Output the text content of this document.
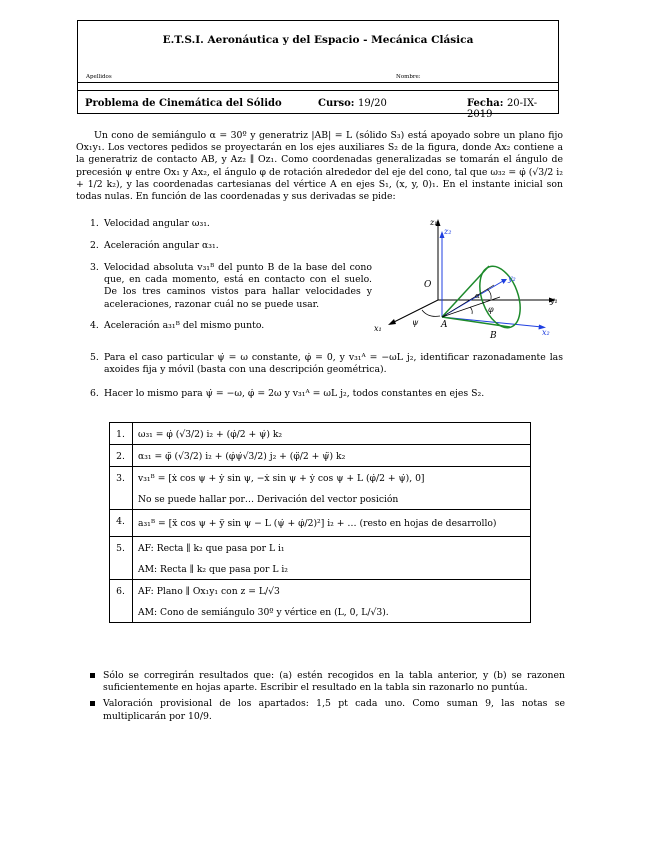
E.T.S.I. Aeronáutica y del Espacio - Mecánica Clásica
Apellidos	Nombre:
Problema de Cinemática del Sólido	Curso: 19/20	Fecha: 20-IX-2019

Un cono de semiángulo α = 30º y generatriz |AB| = L (sólido S₃) está apoyado sobre un plano fijo Ox₁y₁. Los vectores pedidos se proyectarán en los ejes auxiliares S₂ de la figura, donde Ax₂ contiene a la generatriz de contacto AB, y Az₂ ∥ Oz₁. Como coordenadas generalizadas se tomarán el ángulo de precesión ψ entre Ox₁ y Ax₂, el ángulo φ de rotación alrededor del eje del cono, tal que ω₃₂ = φ̇ (√3/2 i₂ + 1/2 k₂), y las coordenadas cartesianas del vértice A en ejes S₁, (x, y, 0)₁. En el instante inicial son todas nulas. En función de las coordenadas y sus derivadas se pide:

1. Velocidad angular ω₃₁.
2. Aceleración angular α₃₁.
3. Velocidad absoluta v₃₁ᴮ del punto B de la base del cono que, en cada momento, está en contacto con el suelo. De los tres caminos vistos para hallar velocidades y aceleraciones, razonar cuál no se puede usar.
4. Aceleración a₃₁ᴮ del mismo punto.
5. Para el caso particular ψ̇ = ω constante, φ̇ = 0, y v₃₁ᴬ = −ωL j₂, identificar razonadamente las axoides fija y móvil (basta con una descripción geométrica).
6. Hacer lo mismo para ψ̇ = −ω, φ̇ = 2ω y v₃₁ᴬ = ωL j₂, todos constantes en ejes S₂.
z₁
z₂
O
y₂
y₁
x₁	x₂
A
B
ψ
φ
α
1.	ω₃₁ = φ̇ (√3/2) i₂ + (φ̇/2 + ψ̇) k₂

2.	α₃₁ = φ̈ (√3/2) i₂ + (φ̇ψ̇√3/2) j₂ + (φ̈/2 + ψ̈) k₂

3.	v₃₁ᴮ = [ẋ cos ψ + ẏ sin ψ, −ẋ sin ψ + ẏ cos ψ + L (φ̇/2 + ψ̇), 0]
No se puede hallar por… Derivación del vector posición

4.	a₃₁ᴮ = [ẍ cos ψ + ÿ sin ψ − L (ψ̇ + φ̇/2)²] i₂ + … (resto en hojas de desarrollo)

5.	AF: Recta ∥ k₂ que pasa por L i₁
AM: Recta ∥ k₂ que pasa por L i₂

6.	AF: Plano ∥ Ox₁y₁ con z = L/√3
AM: Cono de semiángulo 30º y vértice en (L, 0, L/√3).
Sólo se corregirán resultados que: (a) estén recogidos en la tabla anterior, y (b) se razonen suficientemente en hojas aparte. Escribir el resultado en la tabla sin razonarlo no puntúa.
Valoración provisional de los apartados: 1,5 pt cada uno. Como suman 9, las notas se multiplicarán por 10/9.
